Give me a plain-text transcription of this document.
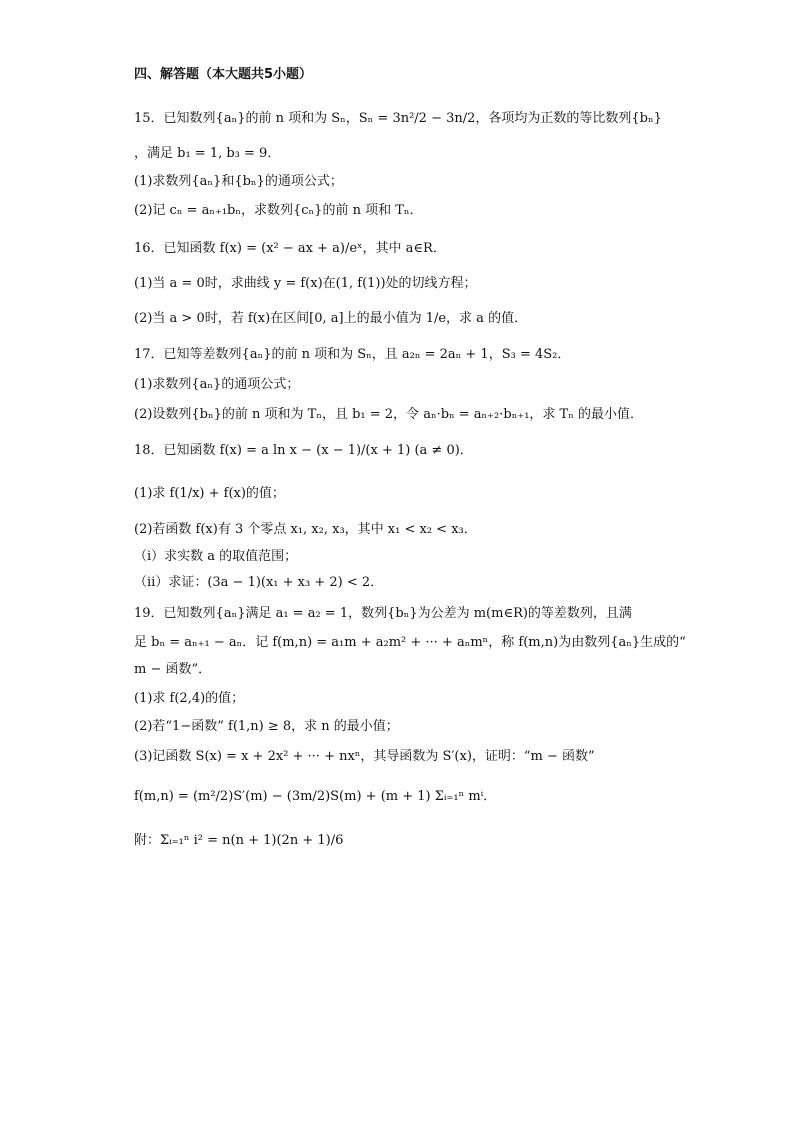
四、解答题（本大题共5小题）
15．已知数列{aₙ}的前 n 项和为 Sₙ，Sₙ = 3n²/2 − 3n/2，各项均为正数的等比数列{bₙ}
，满足 b₁ = 1, b₃ = 9．
(1)求数列{aₙ}和{bₙ}的通项公式；
(2)记 cₙ = aₙ₊₁bₙ，求数列{cₙ}的前 n 项和 Tₙ．
16．已知函数 f(x) = (x² − ax + a)/eˣ，其中 a∈R．
(1)当 a = 0时，求曲线 y = f(x)在(1, f(1))处的切线方程；
(2)当 a > 0时，若 f(x)在区间[0, a]上的最小值为 1/e，求 a 的值．
17．已知等差数列{aₙ}的前 n 项和为 Sₙ，且 a₂ₙ = 2aₙ + 1，S₃ = 4S₂．
(1)求数列{aₙ}的通项公式；
(2)设数列{bₙ}的前 n 项和为 Tₙ，且 b₁ = 2，令 aₙ·bₙ = aₙ₊₂·bₙ₊₁，求 Tₙ 的最小值．
18．已知函数 f(x) = a ln x − (x − 1)/(x + 1) (a ≠ 0)．
(1)求 f(1/x) + f(x)的值；
(2)若函数 f(x)有 3 个零点 x₁, x₂, x₃，其中 x₁ < x₂ < x₃．
（ⅰ）求实数 a 的取值范围；
（ⅱ）求证：(3a − 1)(x₁ + x₃ + 2) < 2．
19．已知数列{aₙ}满足 a₁ = a₂ = 1，数列{bₙ}为公差为 m(m∈R)的等差数列，且满
足 bₙ = aₙ₊₁ − aₙ．记 f(m,n) = a₁m + a₂m² + ··· + aₙmⁿ，称 f(m,n)为由数列{aₙ}生成的“
m − 函数”．
(1)求 f(2,4)的值；
(2)若“1−函数” f(1,n) ≥ 8，求 n 的最小值；
(3)记函数 S(x) = x + 2x² + ··· + nxⁿ，其导函数为 S′(x)，证明：“m − 函数”
f(m,n) = (m²/2)S′(m) − (3m/2)S(m) + (m + 1) Σᵢ₌₁ⁿ mⁱ．
附：Σᵢ₌₁ⁿ i² = n(n + 1)(2n + 1)/6
